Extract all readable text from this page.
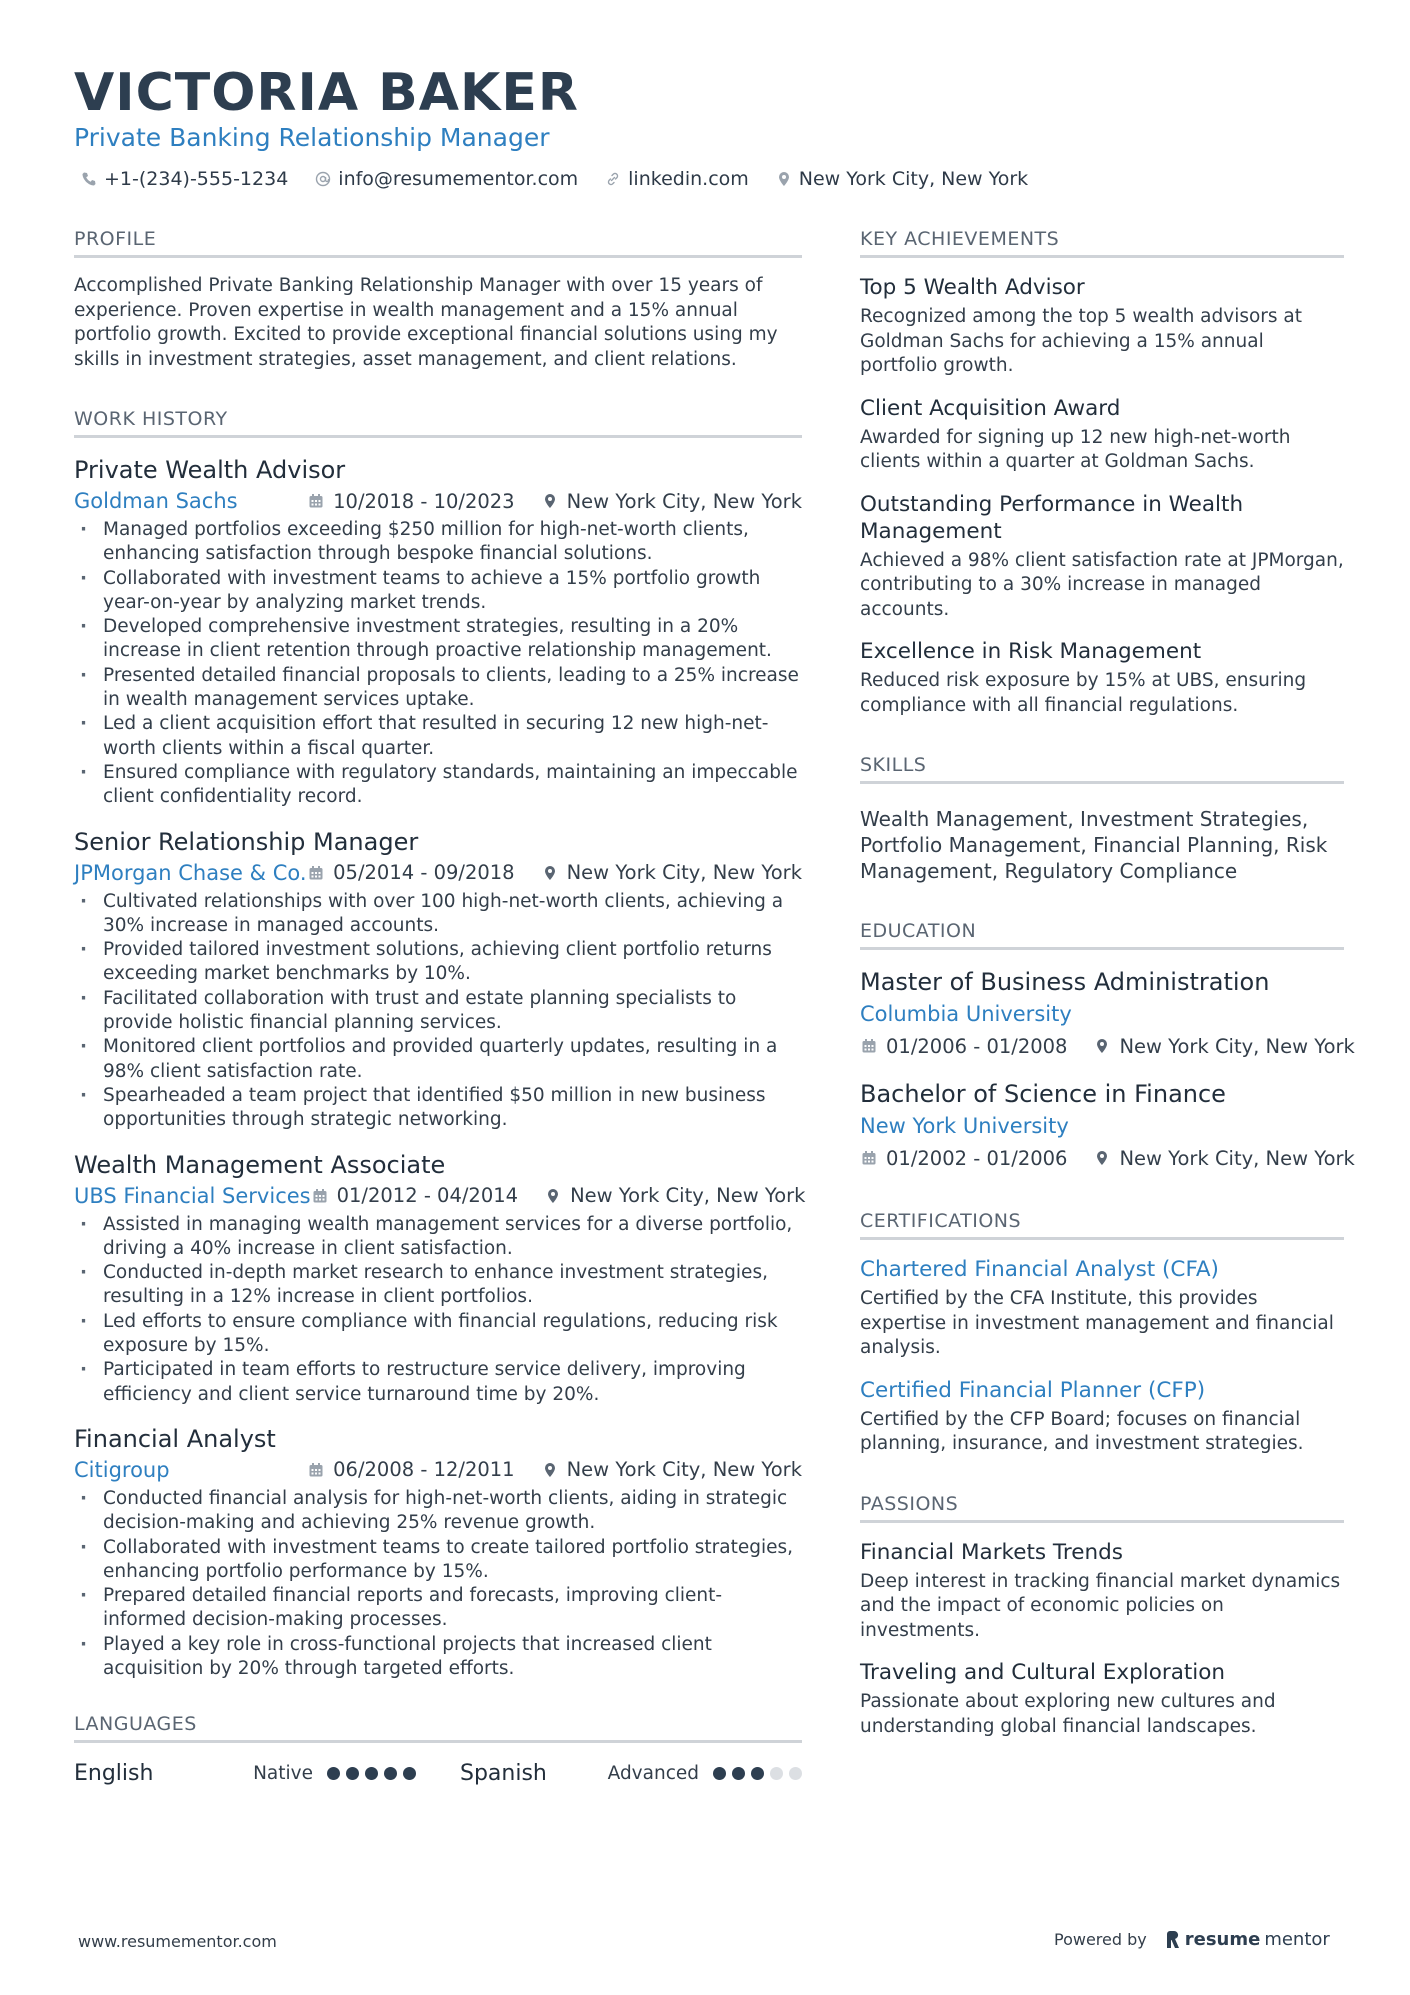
VICTORIA BAKER
Private Banking Relationship Manager
+1-(234)-555-1234	info@resumementor.com	linkedin.com	New York City, New York
PROFILE
Accomplished Private Banking Relationship Manager with over 15 years of experience. Proven expertise in wealth management and a 15% annual portfolio growth. Excited to provide exceptional financial solutions using my skills in investment strategies, asset management, and client relations.
WORK HISTORY
Private Wealth Advisor
Goldman Sachs	10/2018 - 10/2023	New York City, New York
· Managed portfolios exceeding $250 million for high-net-worth clients, enhancing satisfaction through bespoke financial solutions.
· Collaborated with investment teams to achieve a 15% portfolio growth year-on-year by analyzing market trends.
· Developed comprehensive investment strategies, resulting in a 20% increase in client retention through proactive relationship management.
· Presented detailed financial proposals to clients, leading to a 25% increase in wealth management services uptake.
· Led a client acquisition effort that resulted in securing 12 new high-net-worth clients within a fiscal quarter.
· Ensured compliance with regulatory standards, maintaining an impeccable client confidentiality record.
Senior Relationship Manager
JPMorgan Chase & Co. 05/2014 - 09/2018	New York City, New York
· Cultivated relationships with over 100 high-net-worth clients, achieving a 30% increase in managed accounts.
· Provided tailored investment solutions, achieving client portfolio returns exceeding market benchmarks by 10%.
· Facilitated collaboration with trust and estate planning specialists to provide holistic financial planning services.
· Monitored client portfolios and provided quarterly updates, resulting in a 98% client satisfaction rate.
· Spearheaded a team project that identified $50 million in new business opportunities through strategic networking.
Wealth Management Associate
UBS Financial Services 01/2012 - 04/2014	New York City, New York
· Assisted in managing wealth management services for a diverse portfolio, driving a 40% increase in client satisfaction.
· Conducted in-depth market research to enhance investment strategies, resulting in a 12% increase in client portfolios.
· Led efforts to ensure compliance with financial regulations, reducing risk exposure by 15%.
· Participated in team efforts to restructure service delivery, improving efficiency and client service turnaround time by 20%.
Financial Analyst
Citigroup	06/2008 - 12/2011	New York City, New York
· Conducted financial analysis for high-net-worth clients, aiding in strategic decision-making and achieving 25% revenue growth.
· Collaborated with investment teams to create tailored portfolio strategies, enhancing portfolio performance by 15%.
· Prepared detailed financial reports and forecasts, improving client-informed decision-making processes.
· Played a key role in cross-functional projects that increased client acquisition by 20% through targeted efforts.
LANGUAGES
English	Native	Spanish	Advanced
KEY ACHIEVEMENTS
Top 5 Wealth Advisor
Recognized among the top 5 wealth advisors at Goldman Sachs for achieving a 15% annual portfolio growth.
Client Acquisition Award
Awarded for signing up 12 new high-net-worth clients within a quarter at Goldman Sachs.
Outstanding Performance in Wealth Management
Achieved a 98% client satisfaction rate at JPMorgan, contributing to a 30% increase in managed accounts.
Excellence in Risk Management
Reduced risk exposure by 15% at UBS, ensuring compliance with all financial regulations.
SKILLS
Wealth Management, Investment Strategies, Portfolio Management, Financial Planning, Risk Management, Regulatory Compliance
EDUCATION
Master of Business Administration
Columbia University
01/2006 - 01/2008	New York City, New York
Bachelor of Science in Finance
New York University
01/2002 - 01/2006	New York City, New York
CERTIFICATIONS
Chartered Financial Analyst (CFA)
Certified by the CFA Institute, this provides expertise in investment management and financial analysis.
Certified Financial Planner (CFP)
Certified by the CFP Board; focuses on financial planning, insurance, and investment strategies.
PASSIONS
Financial Markets Trends
Deep interest in tracking financial market dynamics and the impact of economic policies on investments.
Traveling and Cultural Exploration
Passionate about exploring new cultures and understanding global financial landscapes.
www.resumementor.com	Powered by resume mentor
